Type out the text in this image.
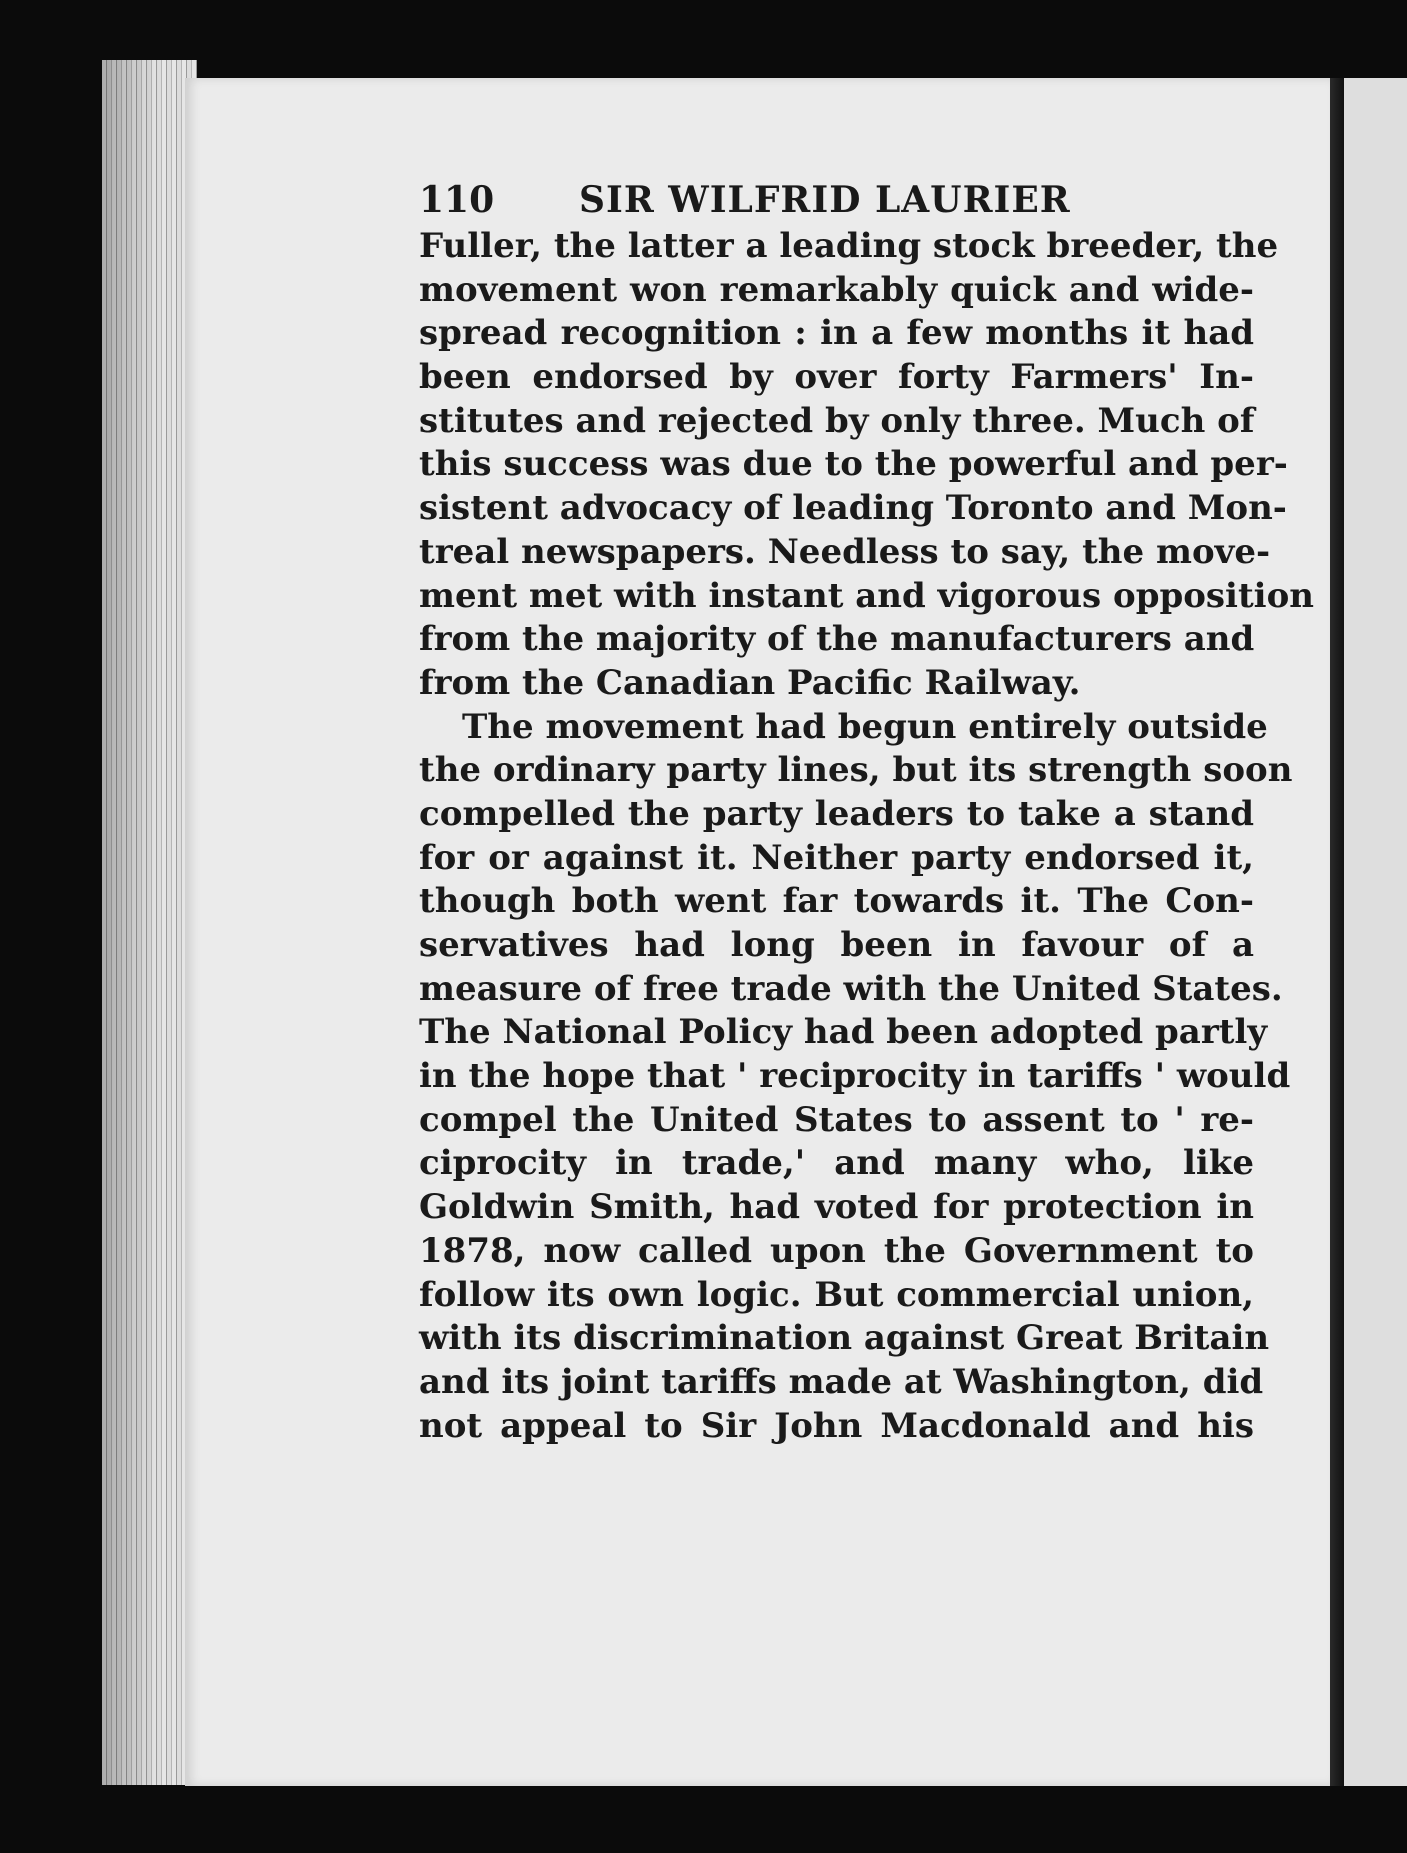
110 SIR WILFRID LAURIER
Fuller, the latter a leading stock breeder, the
movement won remarkably quick and wide-
spread recognition : in a few months it had
been endorsed by over forty Farmers' In-
stitutes and rejected by only three. Much of
this success was due to the powerful and per-
sistent advocacy of leading Toronto and Mon-
treal newspapers. Needless to say, the move-
ment met with instant and vigorous opposition
from the majority of the manufacturers and
from the Canadian Pacific Railway.
The movement had begun entirely outside
the ordinary party lines, but its strength soon
compelled the party leaders to take a stand
for or against it. Neither party endorsed it,
though both went far towards it. The Con-
servatives had long been in favour of a
measure of free trade with the United States.
The National Policy had been adopted partly
in the hope that ' reciprocity in tariffs ' would
compel the United States to assent to ' re-
ciprocity in trade,' and many who, like
Goldwin Smith, had voted for protection in
1878, now called upon the Government to
follow its own logic. But commercial union,
with its discrimination against Great Britain
and its joint tariffs made at Washington, did
not appeal to Sir John Macdonald and his
